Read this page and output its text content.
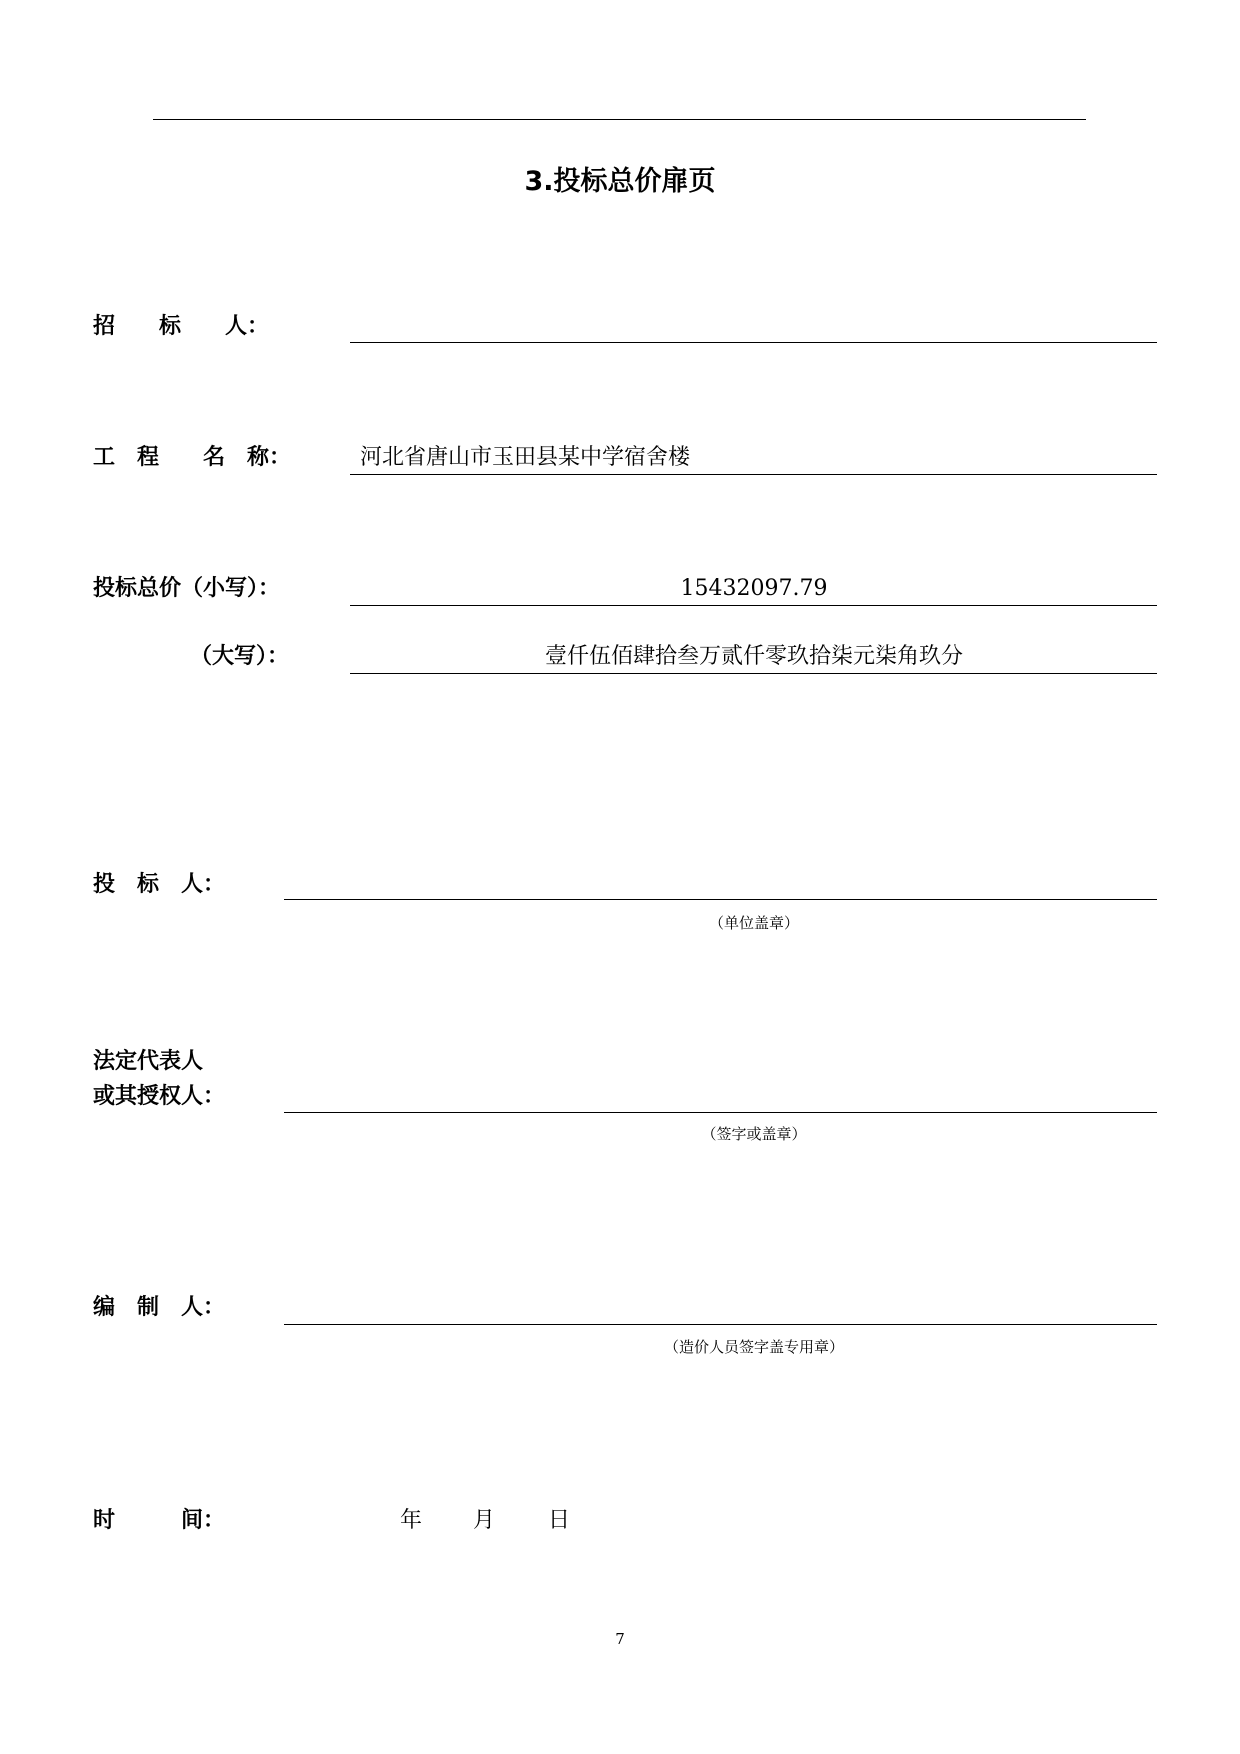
3.投标总价扉页
招　　标　　人：
工　程　　名　称：	河北省唐山市玉田县某中学宿舍楼
投标总价（小写）：	15432097.79
（大写）：	壹仟伍佰肆拾叁万贰仟零玖拾柒元柒角玖分
投　标　人：
（单位盖章）
法定代表人
或其授权人：
（签字或盖章）
编　制　人：
（造价人员签字盖专用章）
时　　　间：	年 月 日
7
